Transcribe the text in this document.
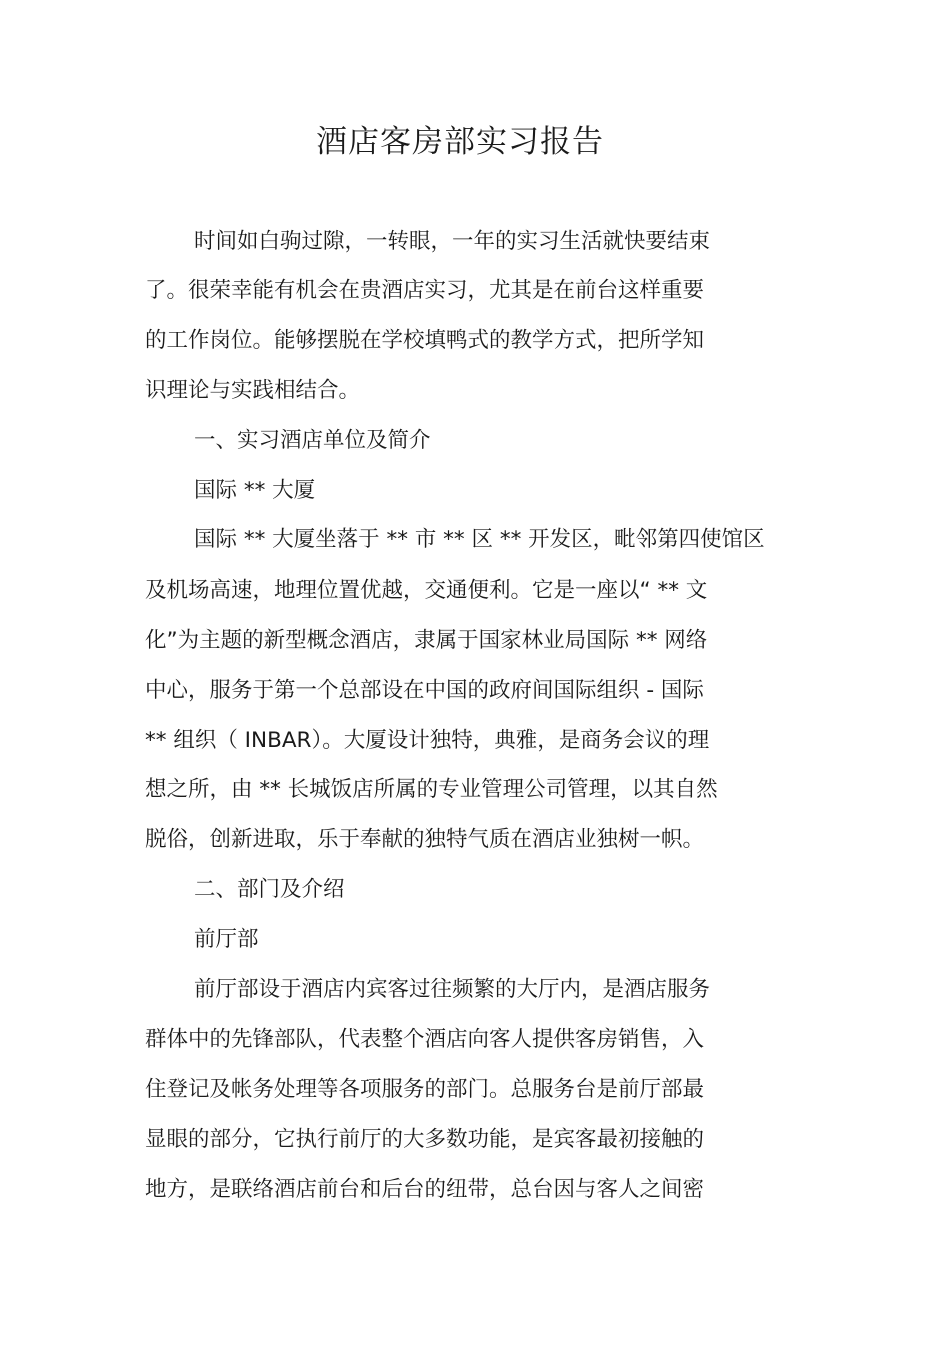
酒店客房部实习报告

时间如白驹过隙，一转眼，一年的实习生活就快要结束

了。很荣幸能有机会在贵酒店实习，尤其是在前台这样重要

的工作岗位。能够摆脱在学校填鸭式的教学方式，把所学知

识理论与实践相结合。

一、实习酒店单位及简介

国际 ** 大厦

国际 ** 大厦坐落于 ** 市 ** 区 ** 开发区，毗邻第四使馆区

及机场高速，地理位置优越，交通便利。它是一座以“ ** 文

化”为主题的新型概念酒店，隶属于国家林业局国际 ** 网络

中心，服务于第一个总部设在中国的政府间国际组织 - 国际

** 组织（ INBAR）。大厦设计独特，典雅，是商务会议的理

想之所，由 ** 长城饭店所属的专业管理公司管理，以其自然

脱俗，创新进取，乐于奉献的独特气质在酒店业独树一帜。

二、部门及介绍

前厅部

前厅部设于酒店内宾客过往频繁的大厅内，是酒店服务

群体中的先锋部队，代表整个酒店向客人提供客房销售，入

住登记及帐务处理等各项服务的部门。总服务台是前厅部最

显眼的部分，它执行前厅的大多数功能，是宾客最初接触的

地方，是联络酒店前台和后台的纽带，总台因与客人之间密
